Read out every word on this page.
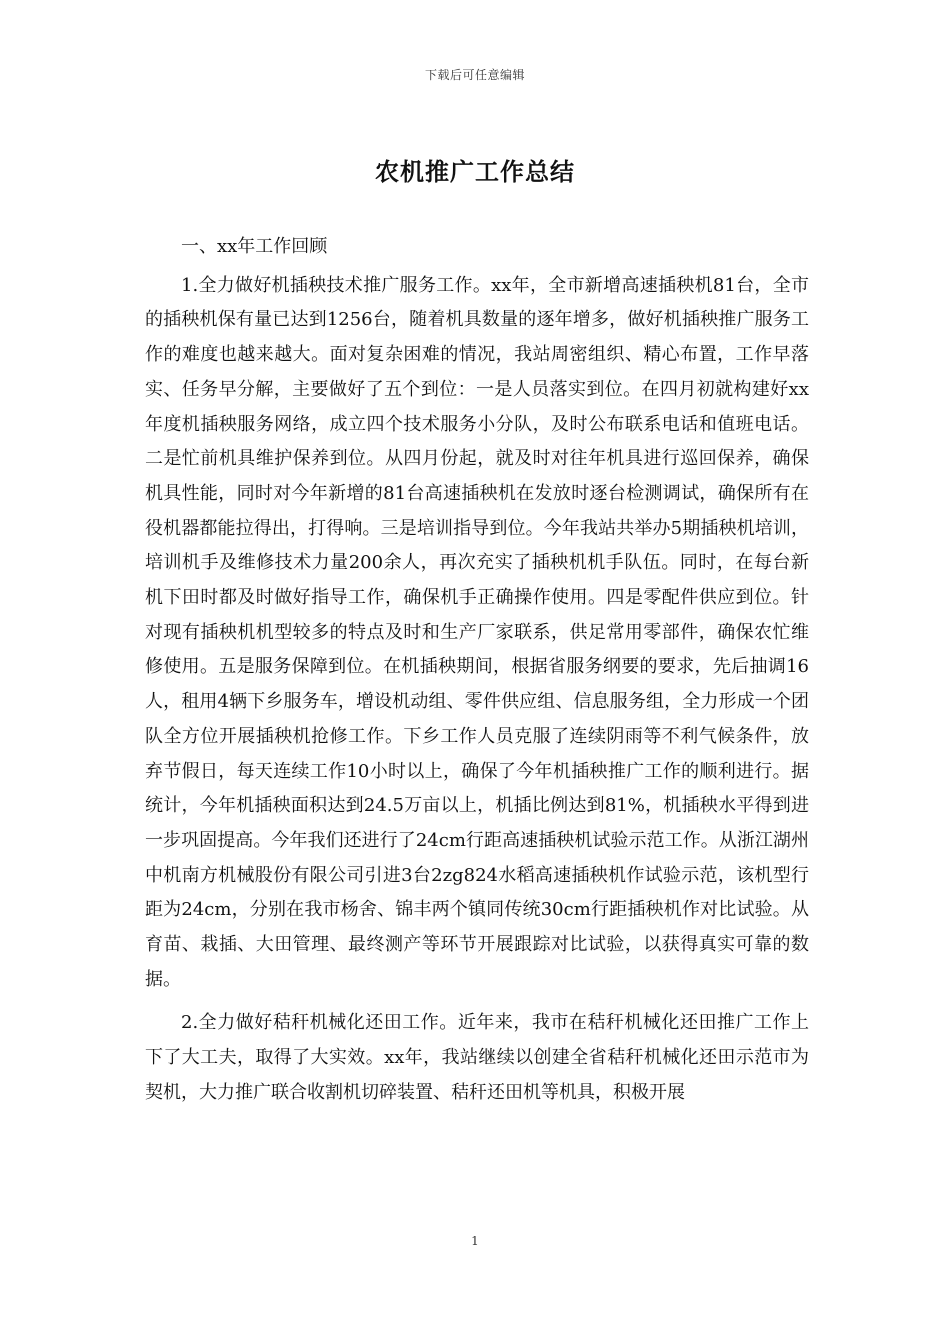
下载后可任意编辑
农机推广工作总结

一、xx年工作回顾

1.全力做好机插秧技术推广服务工作。xx年，全市新增高速插秧机81台，全市的插秧机保有量已达到1256台，随着机具数量的逐年增多，做好机插秧推广服务工作的难度也越来越大。面对复杂困难的情况，我站周密组织、精心布置，工作早落实、任务早分解，主要做好了五个到位：一是人员落实到位。在四月初就构建好xx年度机插秧服务网络，成立四个技术服务小分队，及时公布联系电话和值班电话。二是忙前机具维护保养到位。从四月份起，就及时对往年机具进行巡回保养，确保机具性能，同时对今年新增的81台高速插秧机在发放时逐台检测调试，确保所有在役机器都能拉得出，打得响。三是培训指导到位。今年我站共举办5期插秧机培训，培训机手及维修技术力量200余人，再次充实了插秧机机手队伍。同时，在每台新机下田时都及时做好指导工作，确保机手正确操作使用。四是零配件供应到位。针对现有插秧机机型较多的特点及时和生产厂家联系，供足常用零部件，确保农忙维修使用。五是服务保障到位。在机插秧期间，根据省服务纲要的要求，先后抽调16人，租用4辆下乡服务车，增设机动组、零件供应组、信息服务组，全力形成一个团队全方位开展插秧机抢修工作。下乡工作人员克服了连续阴雨等不利气候条件，放弃节假日，每天连续工作10小时以上，确保了今年机插秧推广工作的顺利进行。据统计，今年机插秧面积达到24.5万亩以上，机插比例达到81%，机插秧水平得到进一步巩固提高。今年我们还进行了24cm行距高速插秧机试验示范工作。从浙江湖州中机南方机械股份有限公司引进3台2zg824水稻高速插秧机作试验示范，该机型行距为24cm，分别在我市杨舍、锦丰两个镇同传统30cm行距插秧机作对比试验。从育苗、栽插、大田管理、最终测产等环节开展跟踪对比试验，以获得真实可靠的数据。

2.全力做好秸秆机械化还田工作。近年来，我市在秸秆机械化还田推广工作上下了大工夫，取得了大实效。xx年，我站继续以创建全省秸秆机械化还田示范市为契机，大力推广联合收割机切碎装置、秸秆还田机等机具，积极开展

1
